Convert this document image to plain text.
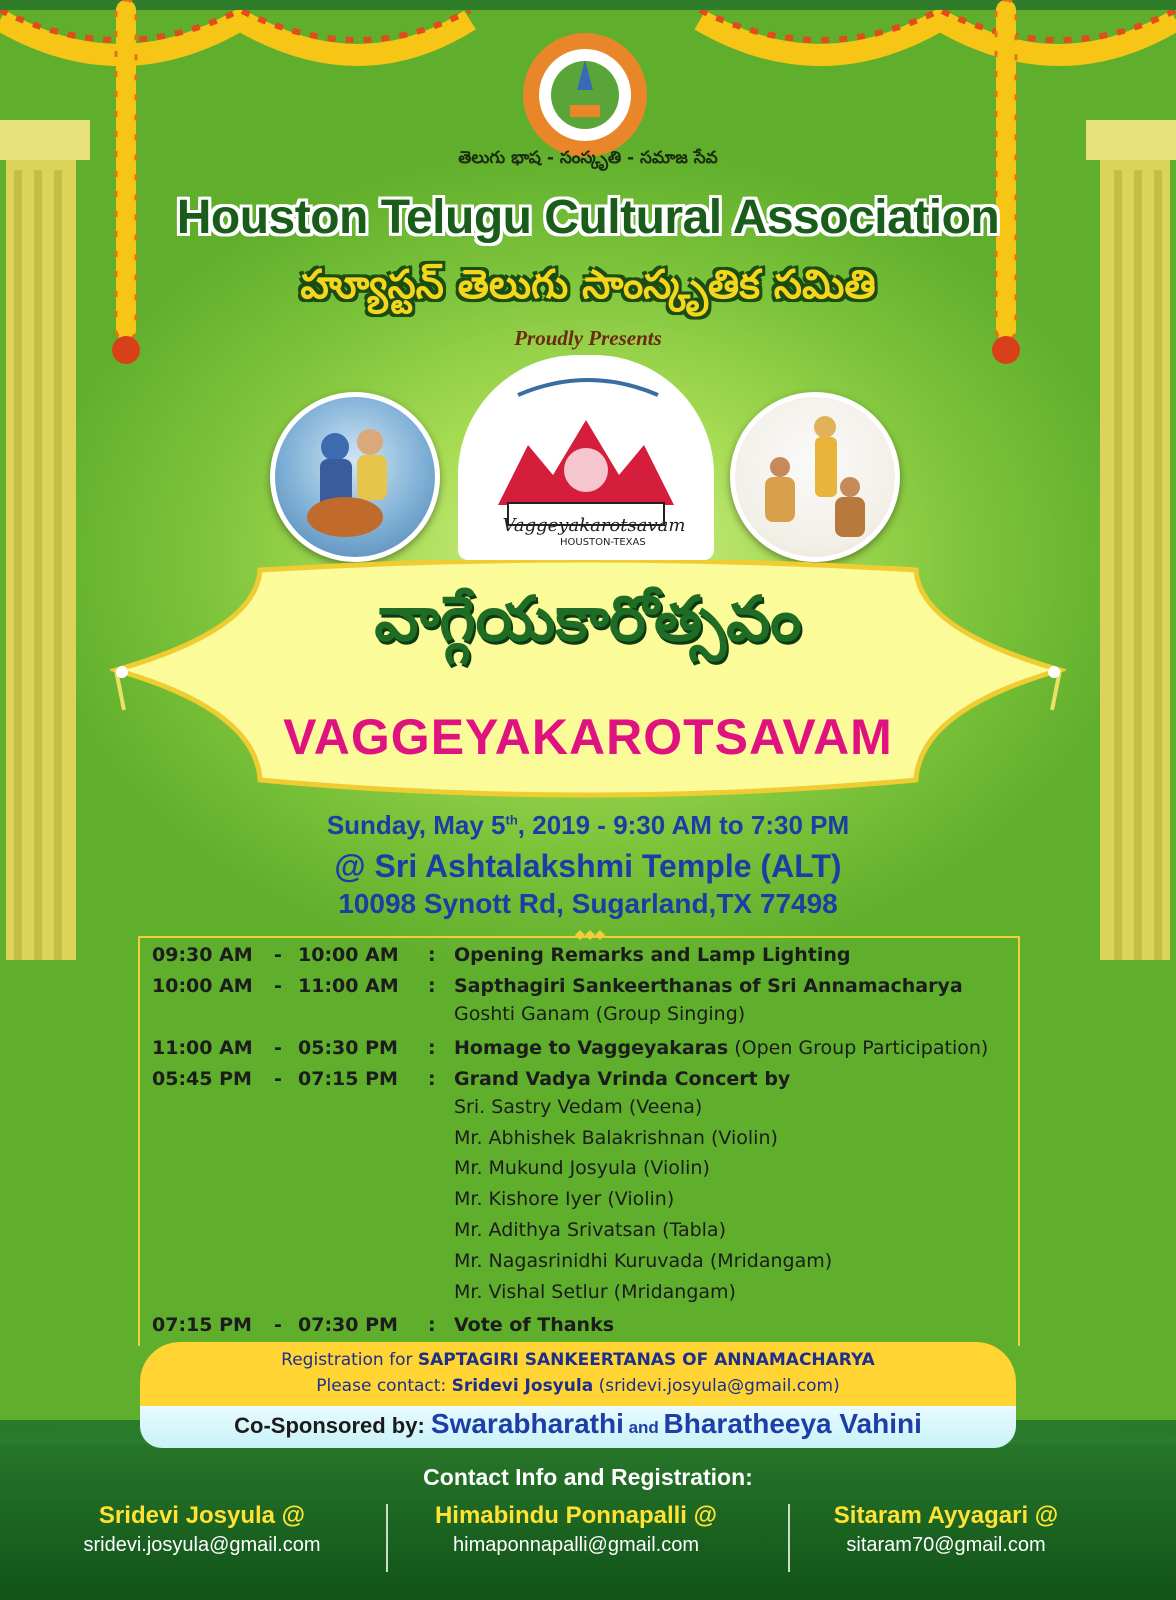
తెలుగు భాష - సంస్కృతి - సమాజ సేవ
Houston Telugu Cultural Association
హ్యూస్టన్ తెలుగు సాంస్కృతిక సమితి
Proudly Presents
Vaggeyakarotsavam
HOUSTON-TEXAS
వాగ్గేయకారోత్సవం
VAGGEYAKAROTSAVAM
Sunday, May 5th, 2019 - 9:30 AM to 7:30 PM
@ Sri Ashtalakshmi Temple (ALT)
10098 Synott Rd, Sugarland,TX 77498
09:30 AM	- 10:00 AM	: Opening Remarks and Lamp Lighting
10:00 AM	- 11:00 AM	: Sapthagiri Sankeerthanas of Sri Annamacharya
Goshti Ganam (Group Singing)
11:00 AM	- 05:30 PM	: Homage to Vaggeyakaras (Open Group Participation)
05:45 PM	- 07:15 PM	: Grand Vadya Vrinda Concert by
Sri. Sastry Vedam (Veena)
Mr. Abhishek Balakrishnan (Violin)
Mr. Mukund Josyula (Violin)
Mr. Kishore Iyer (Violin)
Mr. Adithya Srivatsan (Tabla)
Mr. Nagasrinidhi Kuruvada (Mridangam)
Mr. Vishal Setlur (Mridangam)
07:15 PM	- 07:30 PM	: Vote of Thanks
Registration for SAPTAGIRI SANKEERTANAS OF ANNAMACHARYA
Please contact: Sridevi Josyula (sridevi.josyula@gmail.com)
Co-Sponsored by: Swarabharathi and Bharatheeya Vahini
Contact Info and Registration:
Sridevi Josyula @
sridevi.josyula@gmail.com
Himabindu Ponnapalli @
himaponnapalli@gmail.com
Sitaram Ayyagari @
sitaram70@gmail.com
